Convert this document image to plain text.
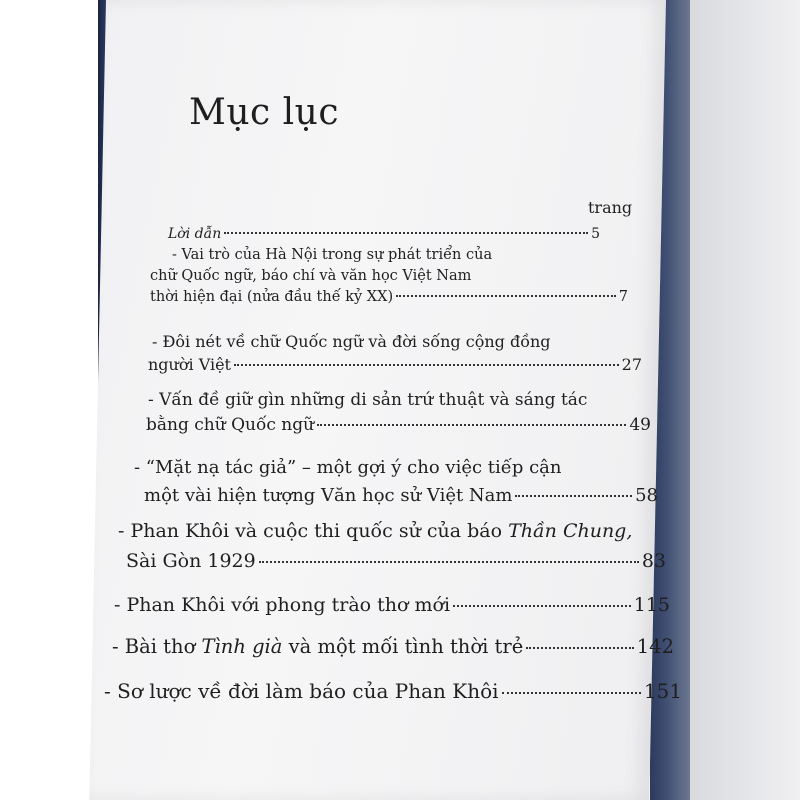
Mục lục
trang
Lời dẫn	5
- Vai trò của Hà Nội trong sự phát triển của
chữ Quốc ngữ, báo chí và văn học Việt Nam
thời hiện đại (nửa đầu thế kỷ XX)	7
- Đôi nét về chữ Quốc ngữ và đời sống cộng đồng
người Việt	27
- Vấn đề giữ gìn những di sản trứ thuật và sáng tác
bằng chữ Quốc ngữ	49
- “Mặt nạ tác giả” – một gợi ý cho việc tiếp cận
một vài hiện tượng Văn học sử Việt Nam	58
- Phan Khôi và cuộc thi quốc sử của báo Thần Chung,
Sài Gòn 1929	83
- Phan Khôi với phong trào thơ mới	115
- Bài thơ Tình già và một mối tình thời trẻ	142
- Sơ lược về đời làm báo của Phan Khôi	151
